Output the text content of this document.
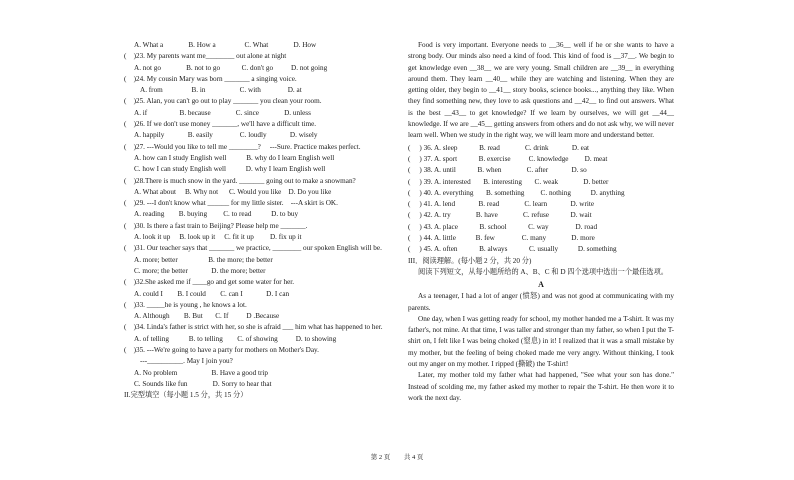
A. What a              B. How a                C. What              D. How
(    )23. My parents want me________ out alone at night
A. not go              B. not to go            C. don't go          D. not going
(    )24. My cousin Mary was born _______ a singing voice.
A. from                B. in                   C. with               D. at
(    )25. Alan, you can't go out to play _______ you clean your room.
A. if                  B. because              C. since              D. unless
(    )26. If we don't use money _______, we'll have a difficult time.
A. happily             B. easily               C. loudly             D. wisely
(    )27. ---Would you like to tell me ________?     ---Sure. Practice makes perfect.
A. how can I study English well           B. why do I learn English well
C. how I can study English well           D. why I learn English well
(    )28.There is much snow in the yard. _______ going out to make a snowman?
A. What about     B. Why not      C. Would you like    D. Do you like
(    )29. ---I don't know what ______ for my little sister.    ---A skirt is OK.
A. reading        B. buying         C. to read           D. to buy
(    )30. Is there a fast train to Beijing? Please help me _______.
A. look it up     B. look up it     C. fit it up         D. fix up it
(    )31. Our teacher says that _______ we practice, ________ our spoken English will be.
A. more; better                 B. the more; the better
C. more; the better             D. the more; better
(    )32.She asked me if ____go and get some water for her.
A. could I        B. I could        C. can I             D. I can
(    )33. _____he is young , he knows a lot.
A. Although        B. But       C. If          D .Because
(    )34. Linda's father is strict with her, so she is afraid ___ him what has happened to her.
A. of telling           B. to telling        C. of showing          D. to showing
(    )35. ---We're going to have a party for mothers on Mother's Day.
---__________. May I join you?
A. No problem                   B. Have a good trip
C. Sounds like fun              D. Sorry to hear that
II.完型填空（每小题 1.5 分，共 15 分）
Food is very important. Everyone needs to __36__ well if he or she wants to have a strong body. Our minds also need a kind of food. This kind of food is __37__. We begin to get knowledge even __38__ we are very young. Small children are __39__ in everything around them. They learn __40__ while they are watching and listening. When they are getting older, they begin to __41__ story books, science books..., anything they like. When they find something new, they love to ask questions and __42__ to find out answers. What is the best __43__ to get knowledge? If we learn by ourselves, we will get __44__ knowledge. If we are __45__ getting answers from others and do not ask why, we will never learn well. When we study in the right way, we will learn more and understand better.
(     ) 36. A. sleep            B. read              C. drink             D. eat
(     ) 37. A. sport            B. exercise          C. knowledge         D. meat
(     ) 38. A. until            B. when              C. after             D. so
(     ) 39. A. interested       B. interesting       C. weak              D. better
(     ) 40. A. everything       B. something         C. nothing           D. anything
(     ) 41. A. lend             B. read              C. learn             D. write
(     ) 42. A. try              B. have              C. refuse            D. wait
(     ) 43. A. place            B. school            C. way               D. road
(     ) 44. A. little           B. few               C. many              D. more
(     ) 45. A. often            B. always            C. usually           D. something
III．阅读理解。(每小题 2 分，共 20 分)
阅读下列短文，从每小题所给的 A、B、C 和 D 四个选项中选出一个最佳选项。
A
As a teenager, I had a lot of anger (愤怒) and was not good at communicating with my parents.
One day, when I was getting ready for school, my mother handed me a T-shirt. It was my father's, not mine. At that time, I was taller and stronger than my father, so when I put the T-shirt on, I felt like I was being choked (窒息) in it! I realized that it was a small mistake by my mother, but the feeling of being choked made me very angry. Without thinking, I took out my anger on my mother. I ripped (撕破) the T-shirt!
Later, my mother told my father what had happened, "See what your son has done." Instead of scolding me, my father asked my mother to repair the T-shirt. He then wore it to work the next day.
第 2 页 共 4 页
